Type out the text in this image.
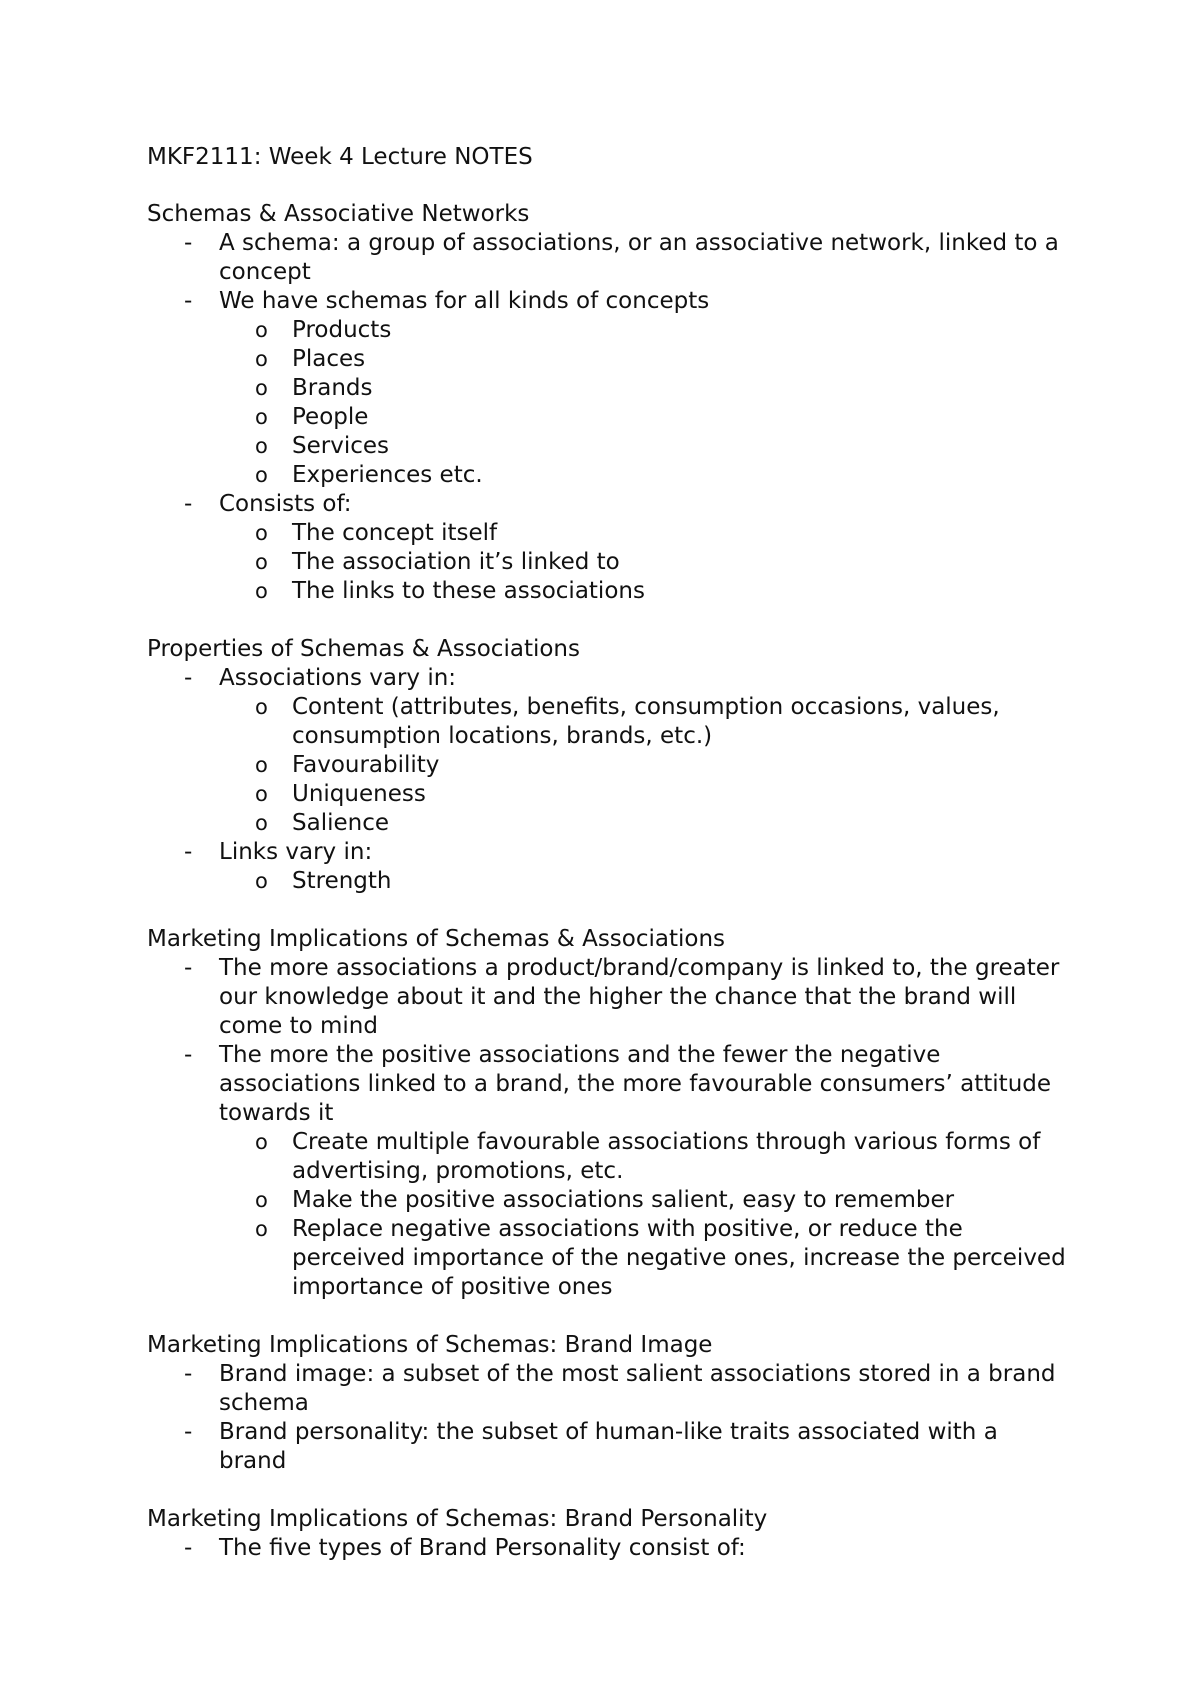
MKF2111: Week 4 Lecture NOTES
Schemas & Associative Networks
- A schema: a group of associations, or an associative network, linked to a concept
- We have schemas for all kinds of concepts
o Products
o Places
o Brands
o People
o Services
o Experiences etc.
- Consists of:
o The concept itself
o The association it’s linked to
o The links to these associations
Properties of Schemas & Associations
- Associations vary in:
o Content (attributes, benefits, consumption occasions, values, consumption locations, brands, etc.)
o Favourability
o Uniqueness
o Salience
- Links vary in:
o Strength
Marketing Implications of Schemas & Associations
- The more associations a product/brand/company is linked to, the greater our knowledge about it and the higher the chance that the brand will come to mind
- The more the positive associations and the fewer the negative associations linked to a brand, the more favourable consumers’ attitude towards it
o Create multiple favourable associations through various forms of advertising, promotions, etc.
o Make the positive associations salient, easy to remember
o Replace negative associations with positive, or reduce the perceived importance of the negative ones, increase the perceived importance of positive ones
Marketing Implications of Schemas: Brand Image
- Brand image: a subset of the most salient associations stored in a brand schema
- Brand personality: the subset of human-like traits associated with a brand
Marketing Implications of Schemas: Brand Personality
- The five types of Brand Personality consist of:
